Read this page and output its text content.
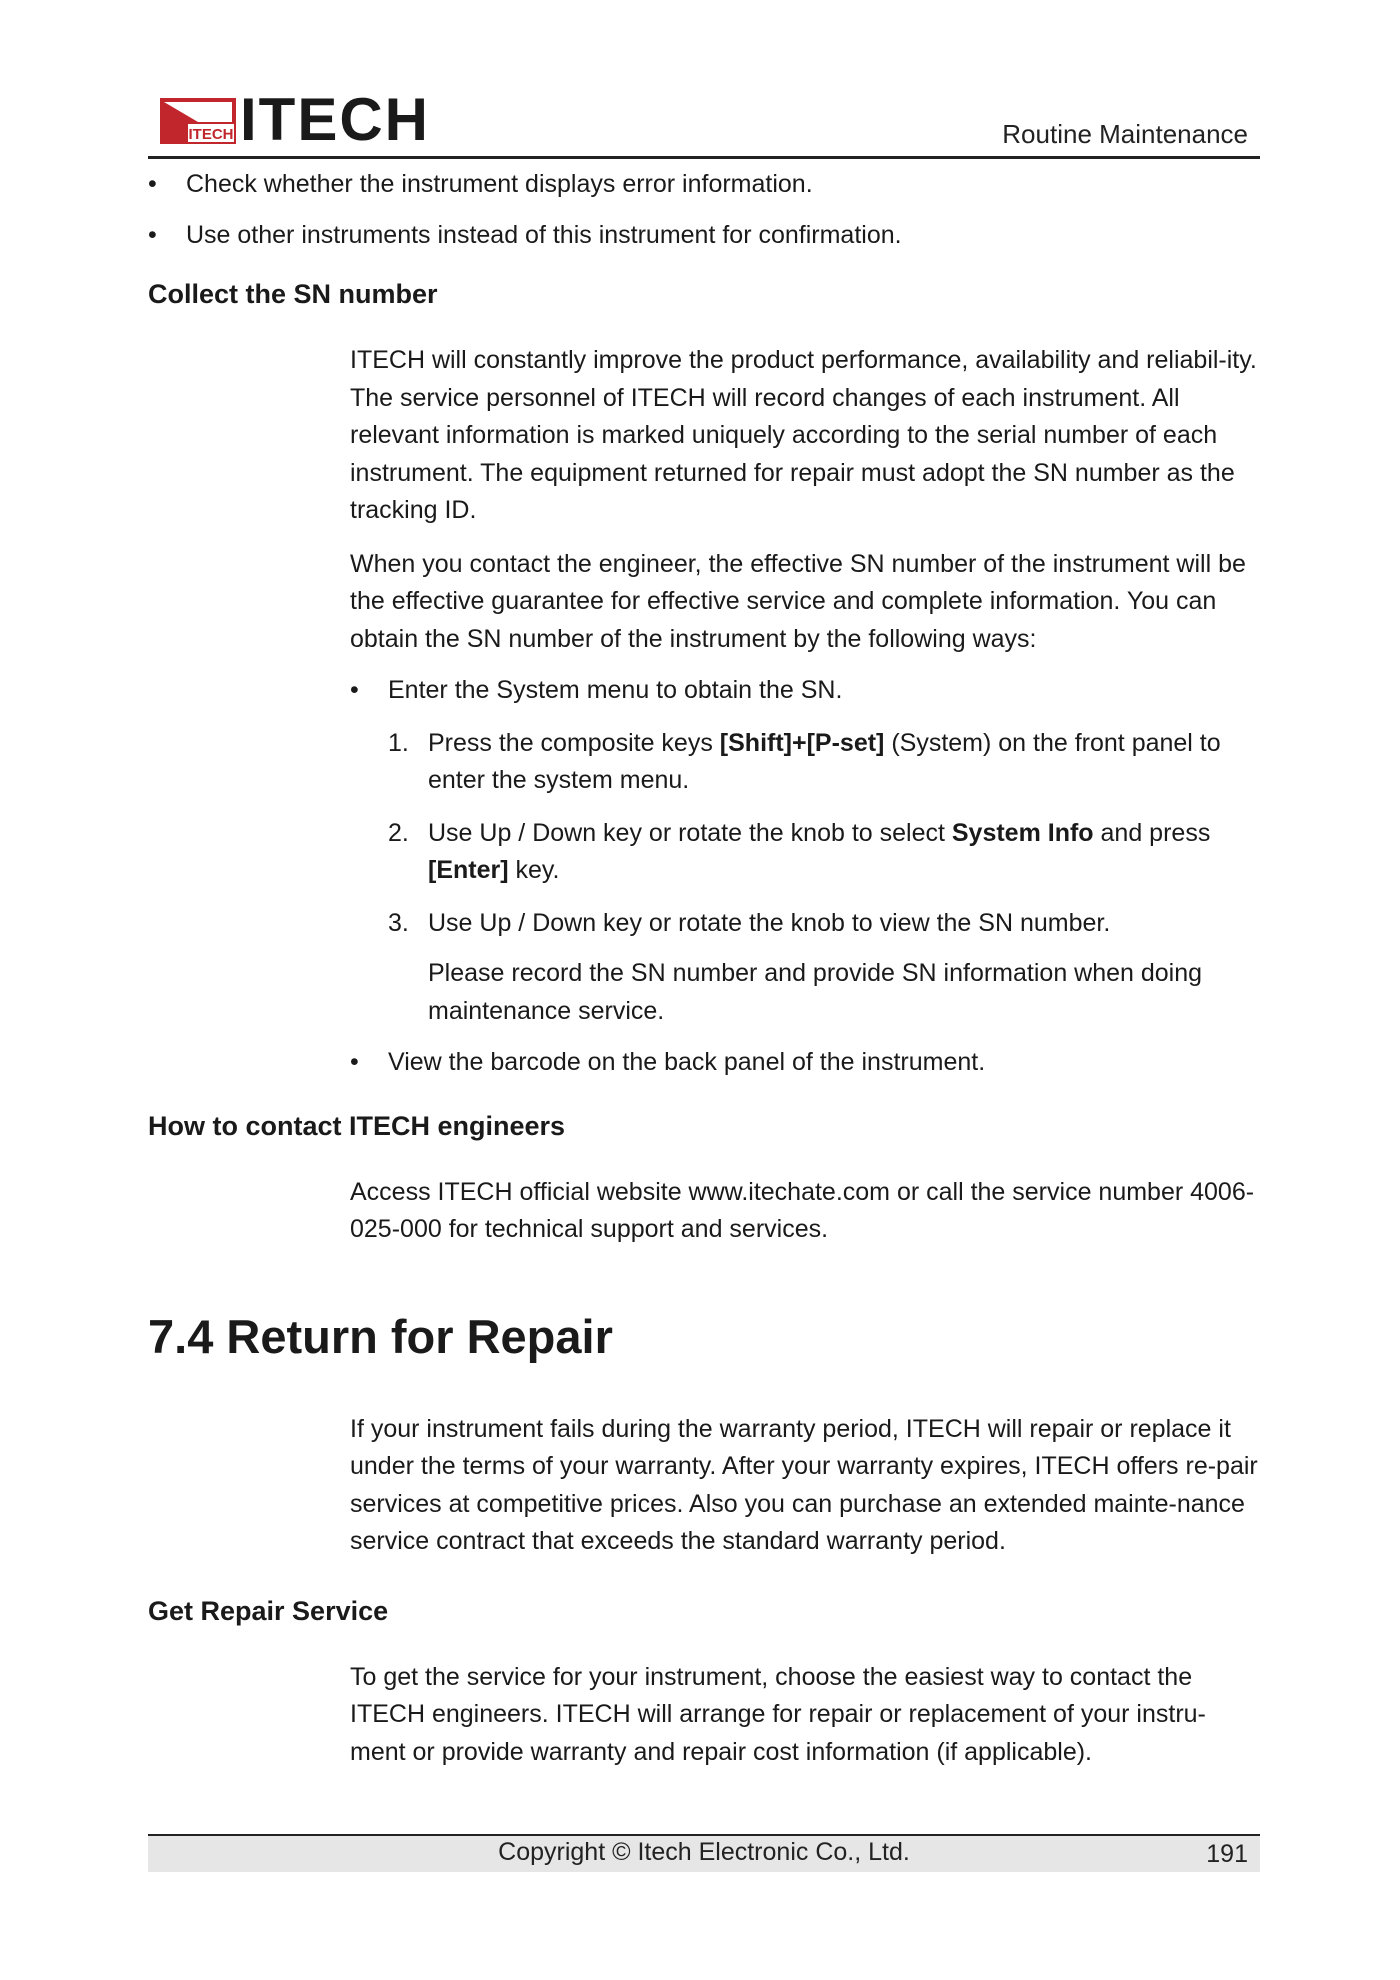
ITECH ITECH	Routine Maintenance
• Check whether the instrument displays error information.
• Use other instruments instead of this instrument for confirmation.
Collect the SN number

ITECH will constantly improve the product performance, availability and reliabil-ity. The service personnel of ITECH will record changes of each instrument. All relevant information is marked uniquely according to the serial number of each instrument. The equipment returned for repair must adopt the SN number as the tracking ID.

When you contact the engineer, the effective SN number of the instrument will be the effective guarantee for effective service and complete information. You can obtain the SN number of the instrument by the following ways:

• Enter the System menu to obtain the SN.
1. Press the composite keys [Shift]+[P-set] (System) on the front panel to enter the system menu.
2. Use Up / Down key or rotate the knob to select System Info and press [Enter] key.
3. Use Up / Down key or rotate the knob to view the SN number.

Please record the SN number and provide SN information when doing maintenance service.

• View the barcode on the back panel of the instrument.
How to contact ITECH engineers

Access ITECH official website www.itechate.com or call the service number 4006-025-000 for technical support and services.

7.4 Return for Repair

If your instrument fails during the warranty period, ITECH will repair or replace it under the terms of your warranty. After your warranty expires, ITECH offers re-pair services at competitive prices. Also you can purchase an extended mainte-nance service contract that exceeds the standard warranty period.

Get Repair Service

To get the service for your instrument, choose the easiest way to contact the ITECH engineers. ITECH will arrange for repair or replacement of your instru-ment or provide warranty and repair cost information (if applicable).

Copyright © Itech Electronic Co., Ltd.	191
